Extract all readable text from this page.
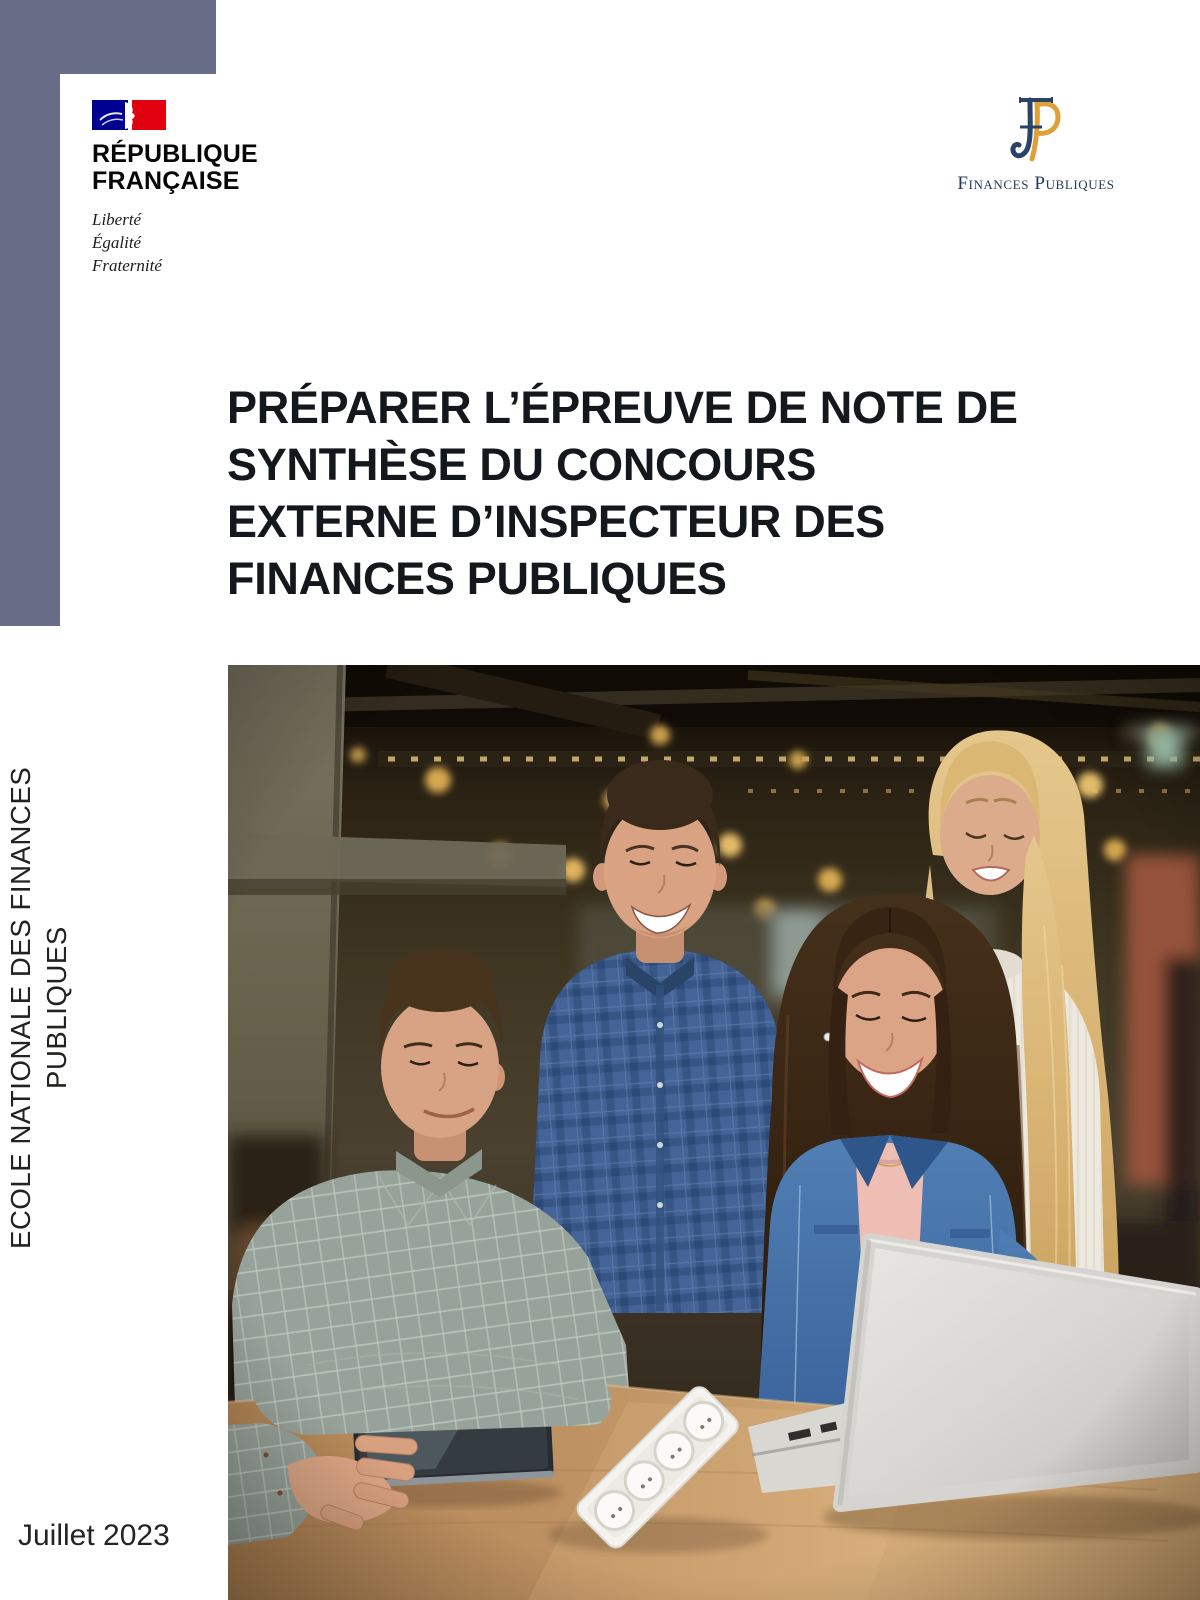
RÉPUBLIQUE
FRANÇAISE
Liberté
Égalité
Fraternité
Finances Publiques
PRÉPARER L’ÉPREUVE DE NOTE DE
SYNTHÈSE DU CONCOURS
EXTERNE D’INSPECTEUR DES
FINANCES PUBLIQUES
ECOLE NATIONALE DES FINANCES PUBLIQUES
Juillet 2023
